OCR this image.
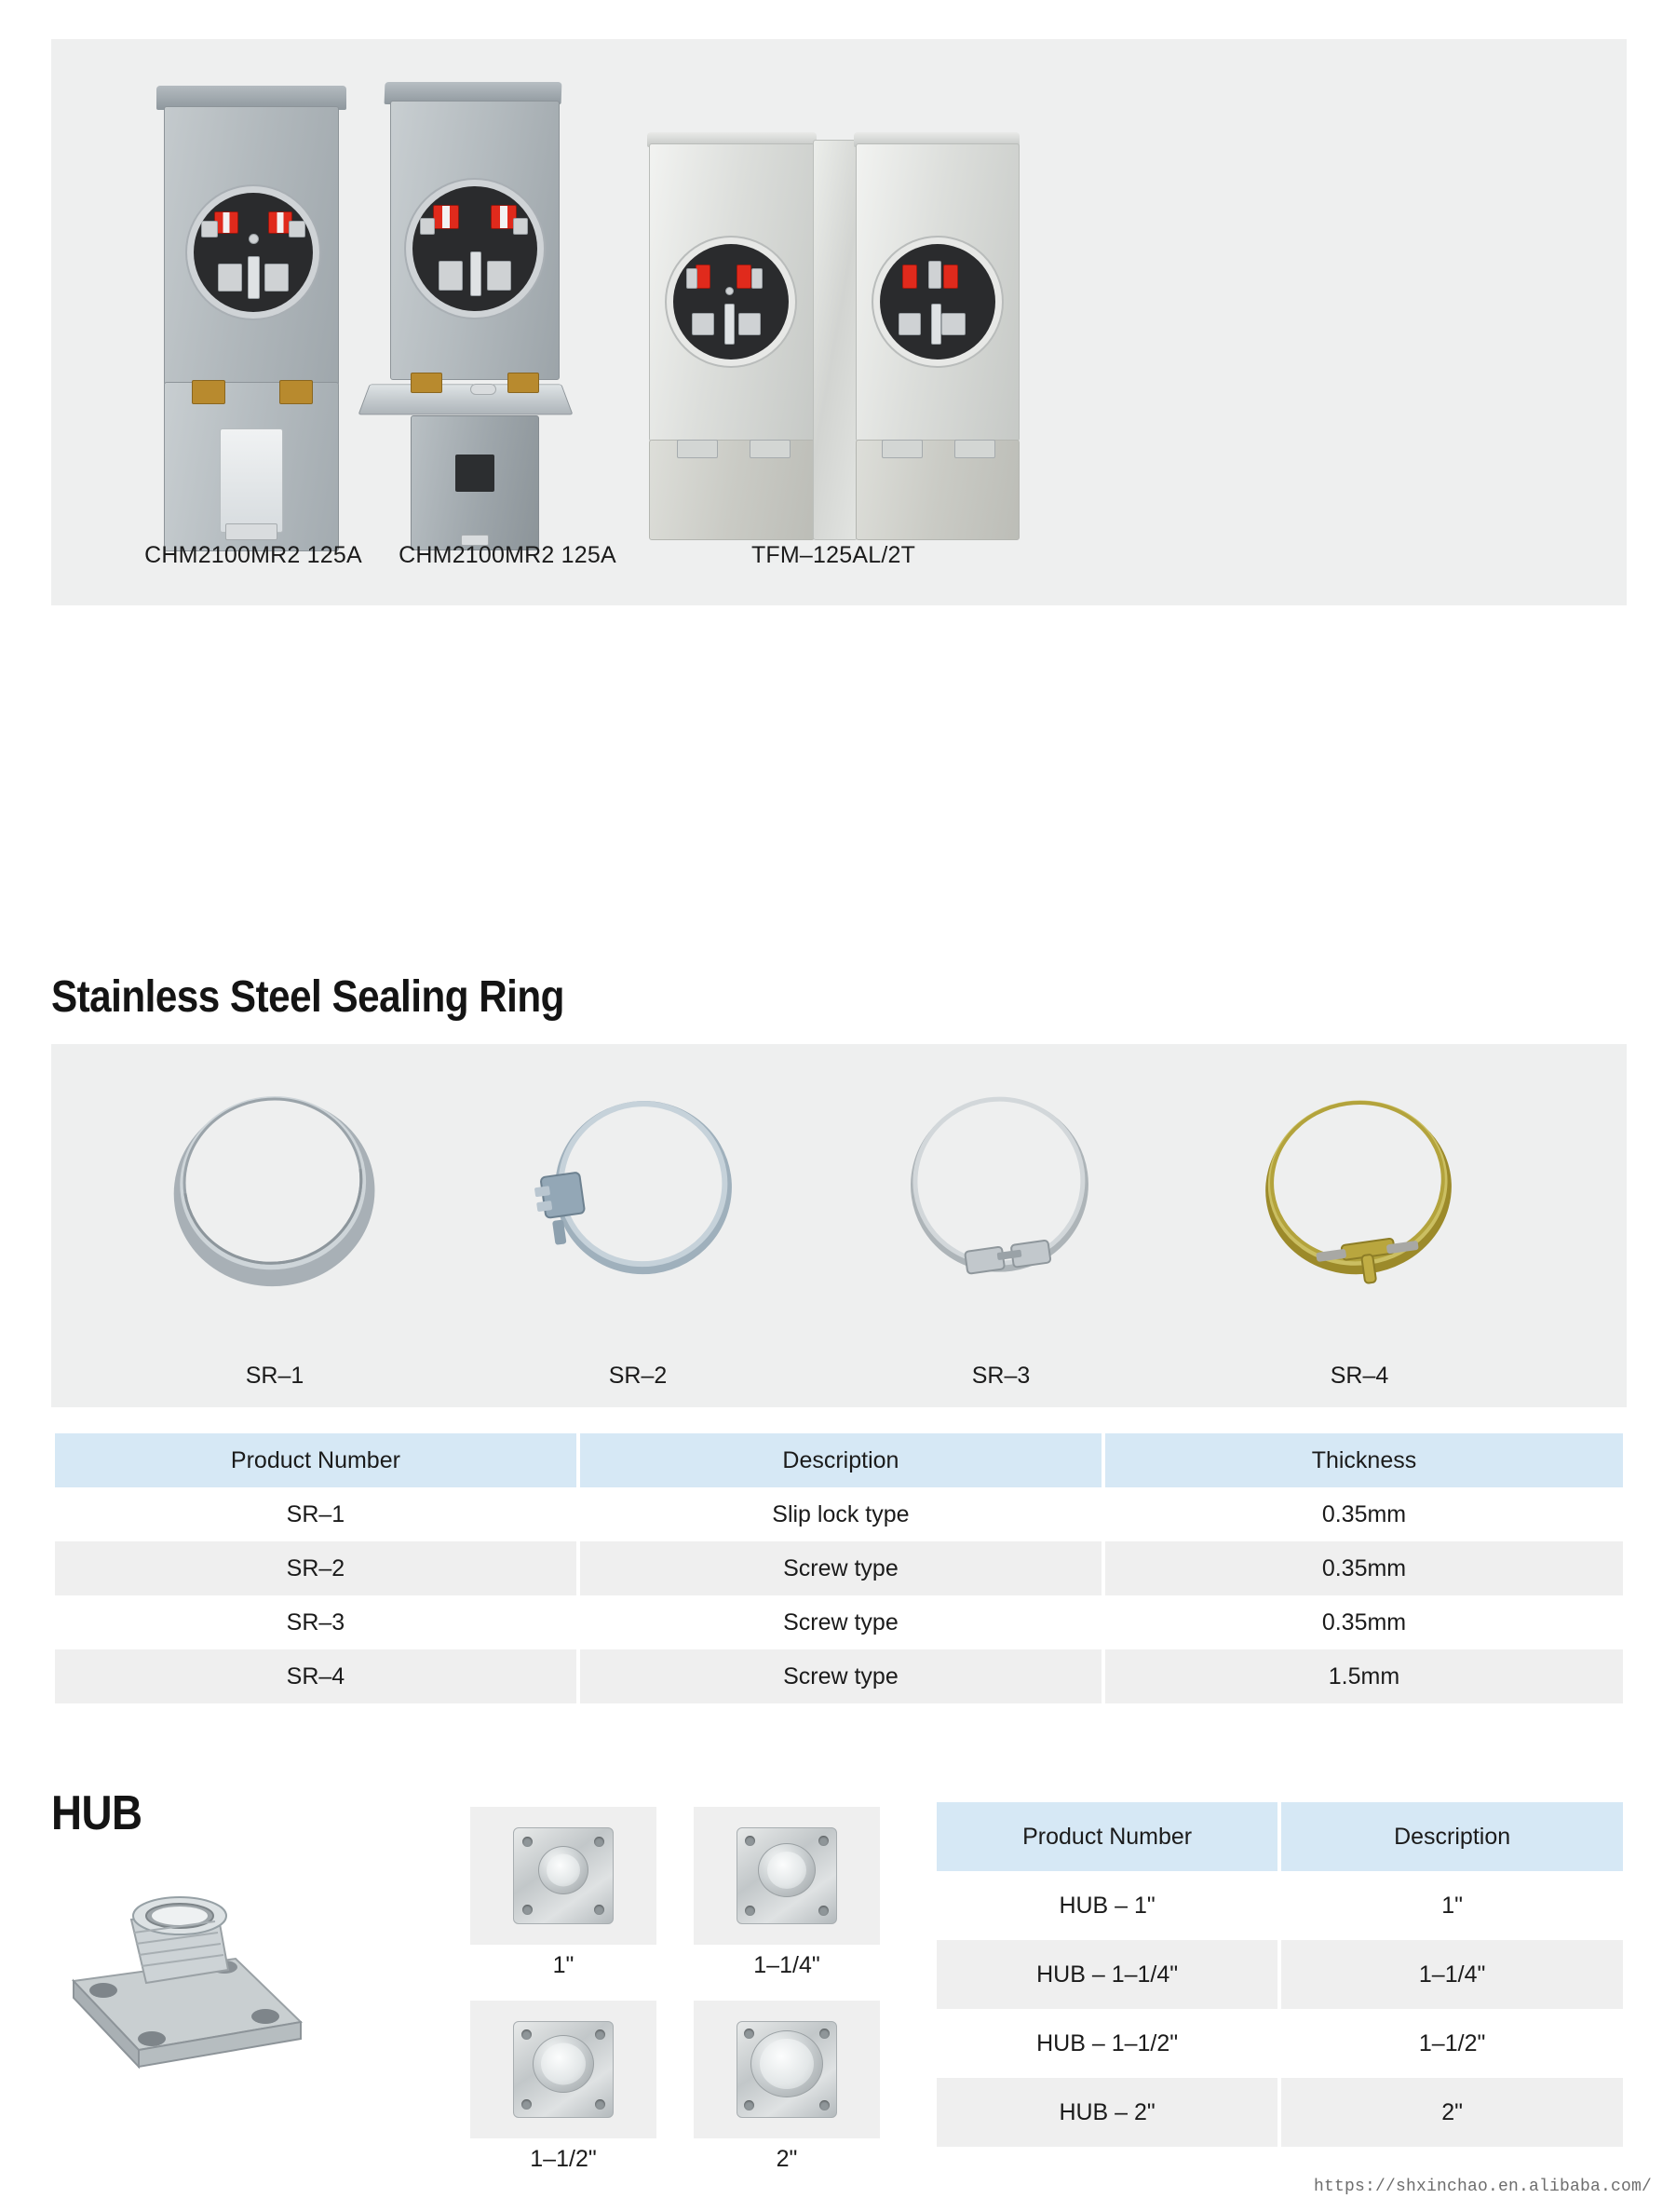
CHM2100MR2 125A	CHM2100MR2 125A	TFM–125AL/2T
Stainless Steel Sealing Ring
SR–1	SR–2	SR–3	SR–4
Product Number	Description	Thickness
SR–1	Slip lock type	0.35mm
SR–2	Screw type	0.35mm
SR–3	Screw type	0.35mm
SR–4	Screw type	1.5mm
HUB
1"	1–1/4"
1–1/2"	2"
Product Number	Description
HUB – 1"	1"
HUB – 1–1/4"	1–1/4"
HUB – 1–1/2"	1–1/2"
HUB – 2"	2"
https://shxinchao.en.alibaba.com/
